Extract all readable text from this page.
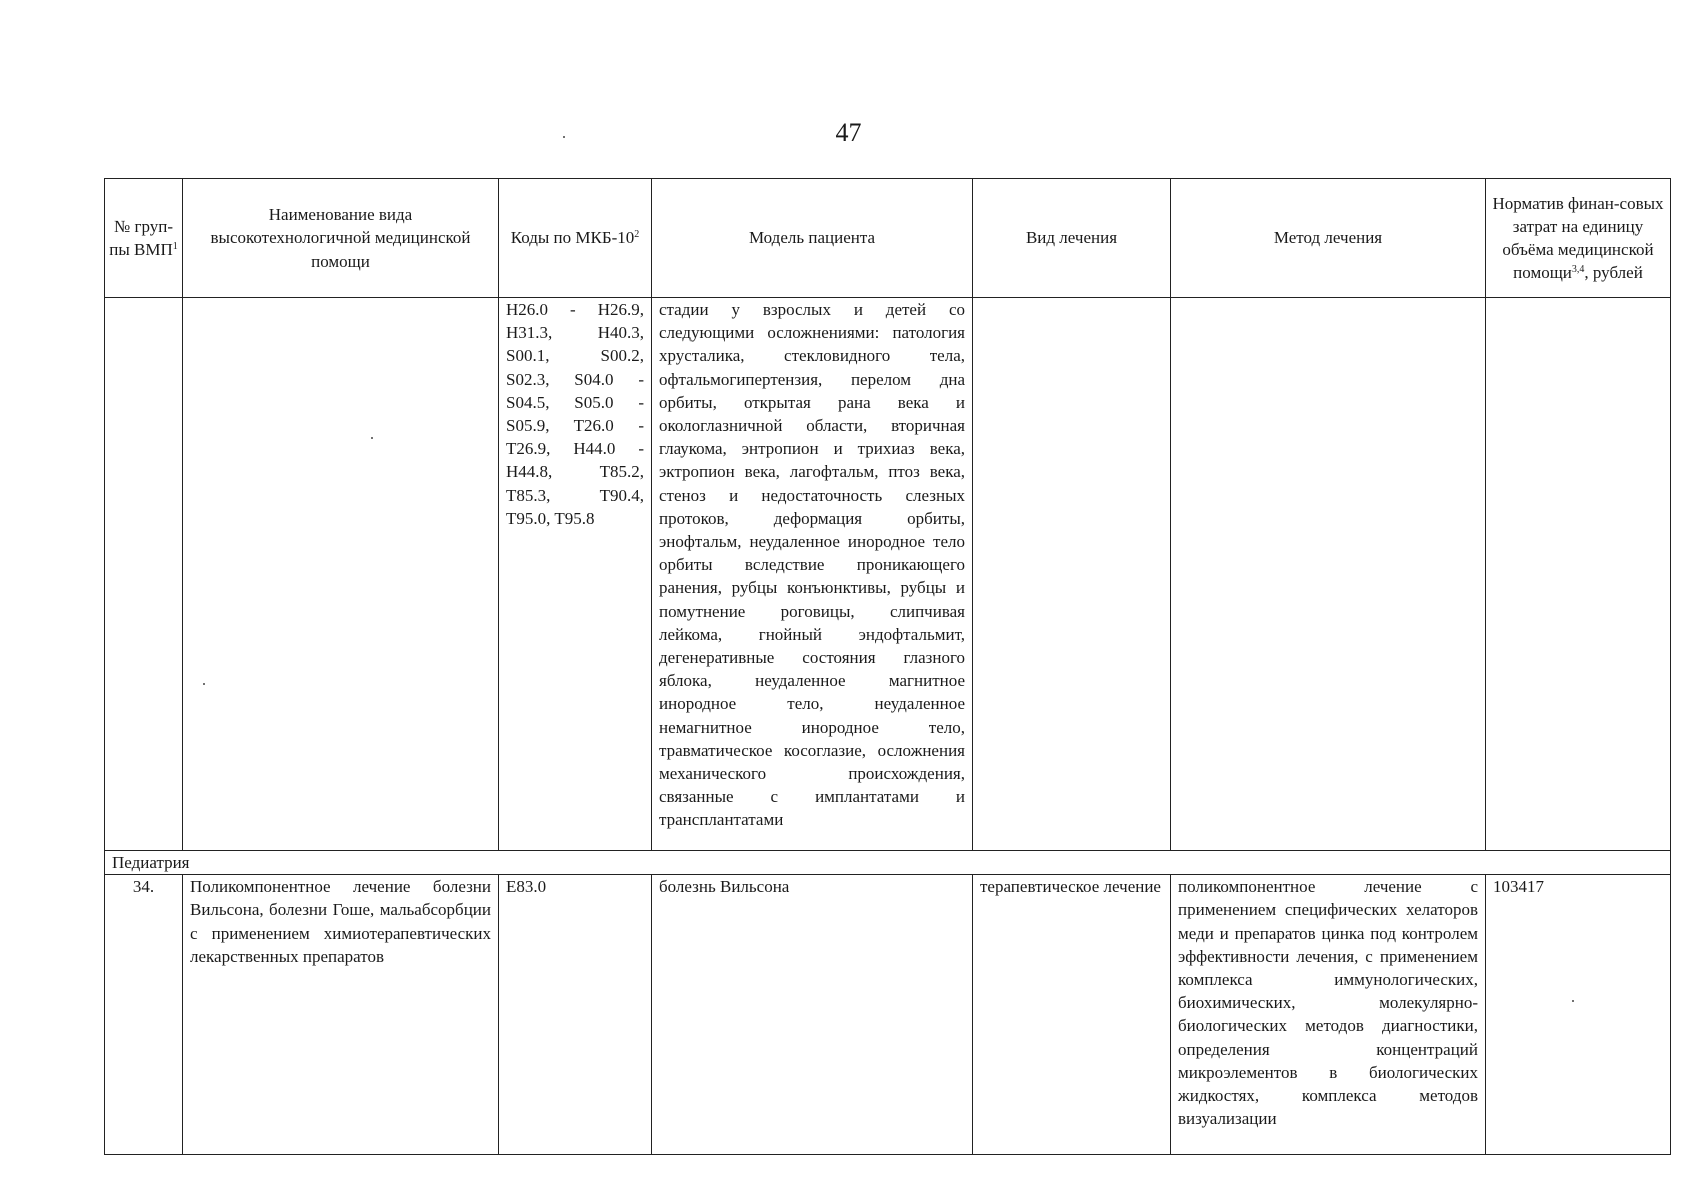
47
№ груп-пы ВМП$^1$	Наименование вида высокотехнологичной медицинской помощи	Коды по МКБ-$10^2$	Модель пациента	Вид лечения	Метод лечения	Норматив финан-совых затрат на единицу объёма медицинской помощи$^{3,4}$, рублей
		H26.0 - H26.9, H31.3, H40.3, S00.1, S00.2, S02.3, S04.0 - S04.5, S05.0 - S05.9, T26.0 - T26.9, H44.0 - H44.8, T85.2, T85.3, T90.4, T95.0, T95.8	стадии у взрослых и детей со следующими осложнениями: патология хрусталика, стекловидного тела, офтальмогипертензия, перелом дна орбиты, открытая рана века и окологлазничной области, вторичная глаукома, энтропион и трихиаз века, эктропион века, лагофтальм, птоз века, стеноз и недостаточность слезных протоков, деформация орбиты, энофтальм, неудаленное инородное тело орбиты вследствие проникающего ранения, рубцы конъюнктивы, рубцы и помутнение роговицы, слипчивая лейкома, гнойный эндофтальмит, дегенеративные состояния глазного яблока, неудаленное магнитное инородное тело, неудаленное немагнитное инородное тело, травматическое косоглазие, осложнения механического происхождения, связанные с имплантатами и трансплантатами			
Педиатрия						
34.	Поликомпонентное лечение болезни Вильсона, болезни Гоше, мальабсорбции с применением химиотерапевтических лекарственных препаратов	E83.0	болезнь Вильсона	терапевтическое лечение	поликомпонентное лечение с применением специфических хелаторов меди и препаратов цинка под контролем эффективности лечения, с применением комплекса иммунологических, биохимических, молекулярно-биологических методов диагностики, определения концентраций микроэлементов в биологических жидкостях, комплекса методов визуализации	103417
